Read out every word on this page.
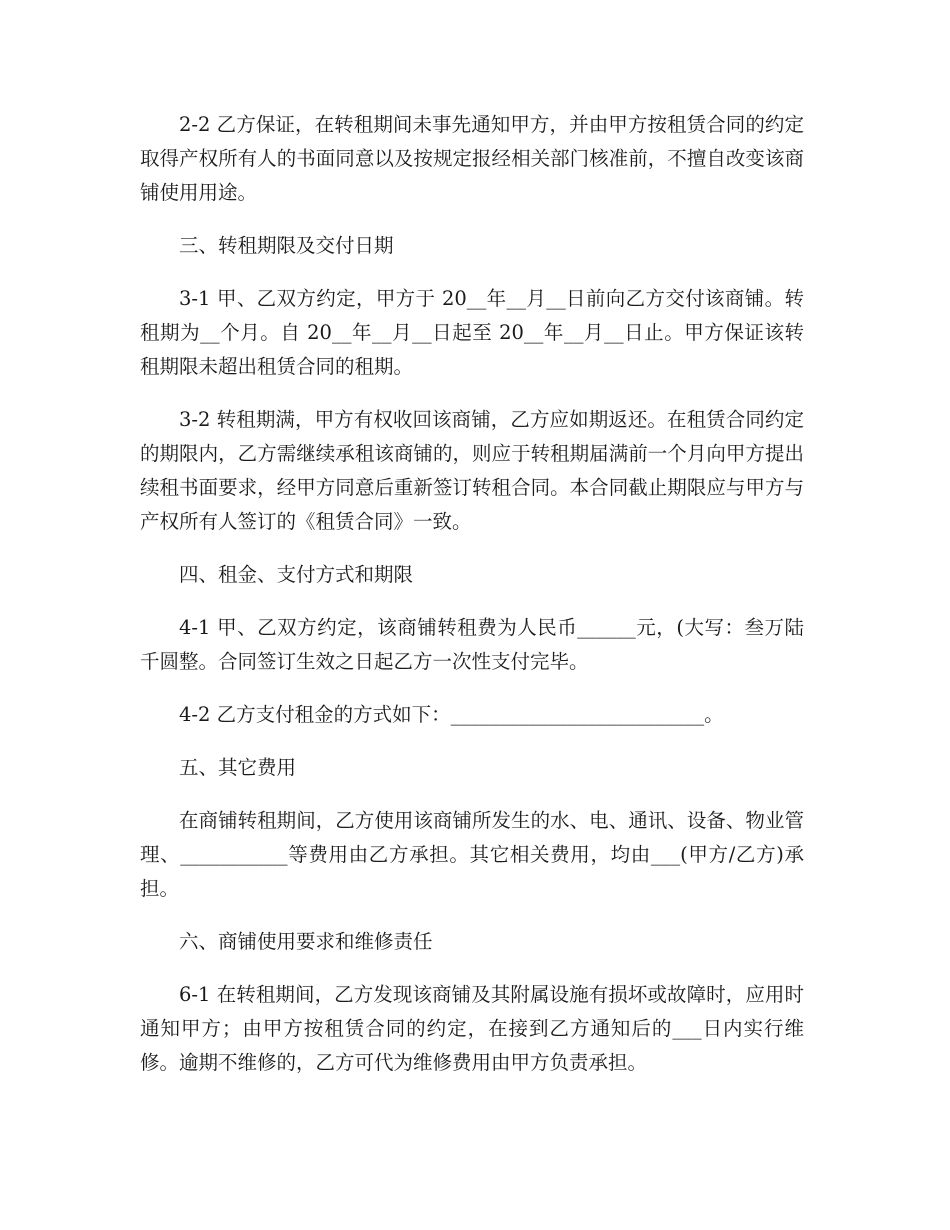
2-2 乙方保证，在转租期间未事先通知甲方，并由甲方按租赁合同的约定取得产权所有人的书面同意以及按规定报经相关部门核准前，不擅自改变该商铺使用用途。

三、转租期限及交付日期

3-1 甲、乙双方约定，甲方于 20__年__月__日前向乙方交付该商铺。转租期为__个月。自 20__年__月__日起至 20__年__月__日止。甲方保证该转租期限未超出租赁合同的租期。

3-2 转租期满，甲方有权收回该商铺，乙方应如期返还。在租赁合同约定的期限内，乙方需继续承租该商铺的，则应于转租期届满前一个月向甲方提出续租书面要求，经甲方同意后重新签订转租合同。本合同截止期限应与甲方与产权所有人签订的《租赁合同》一致。

四、租金、支付方式和期限

4-1 甲、乙双方约定，该商铺转租费为人民币______元，(大写：叁万陆千圆整。合同签订生效之日起乙方一次性支付完毕。

4-2 乙方支付租金的方式如下：__________________________。

五、其它费用

在商铺转租期间，乙方使用该商铺所发生的水、电、通讯、设备、物业管理、___________等费用由乙方承担。其它相关费用，均由___(甲方/乙方)承担。

六、商铺使用要求和维修责任

6-1 在转租期间，乙方发现该商铺及其附属设施有损坏或故障时，应用时通知甲方；由甲方按租赁合同的约定，在接到乙方通知后的___日内实行维修。逾期不维修的，乙方可代为维修费用由甲方负责承担。
